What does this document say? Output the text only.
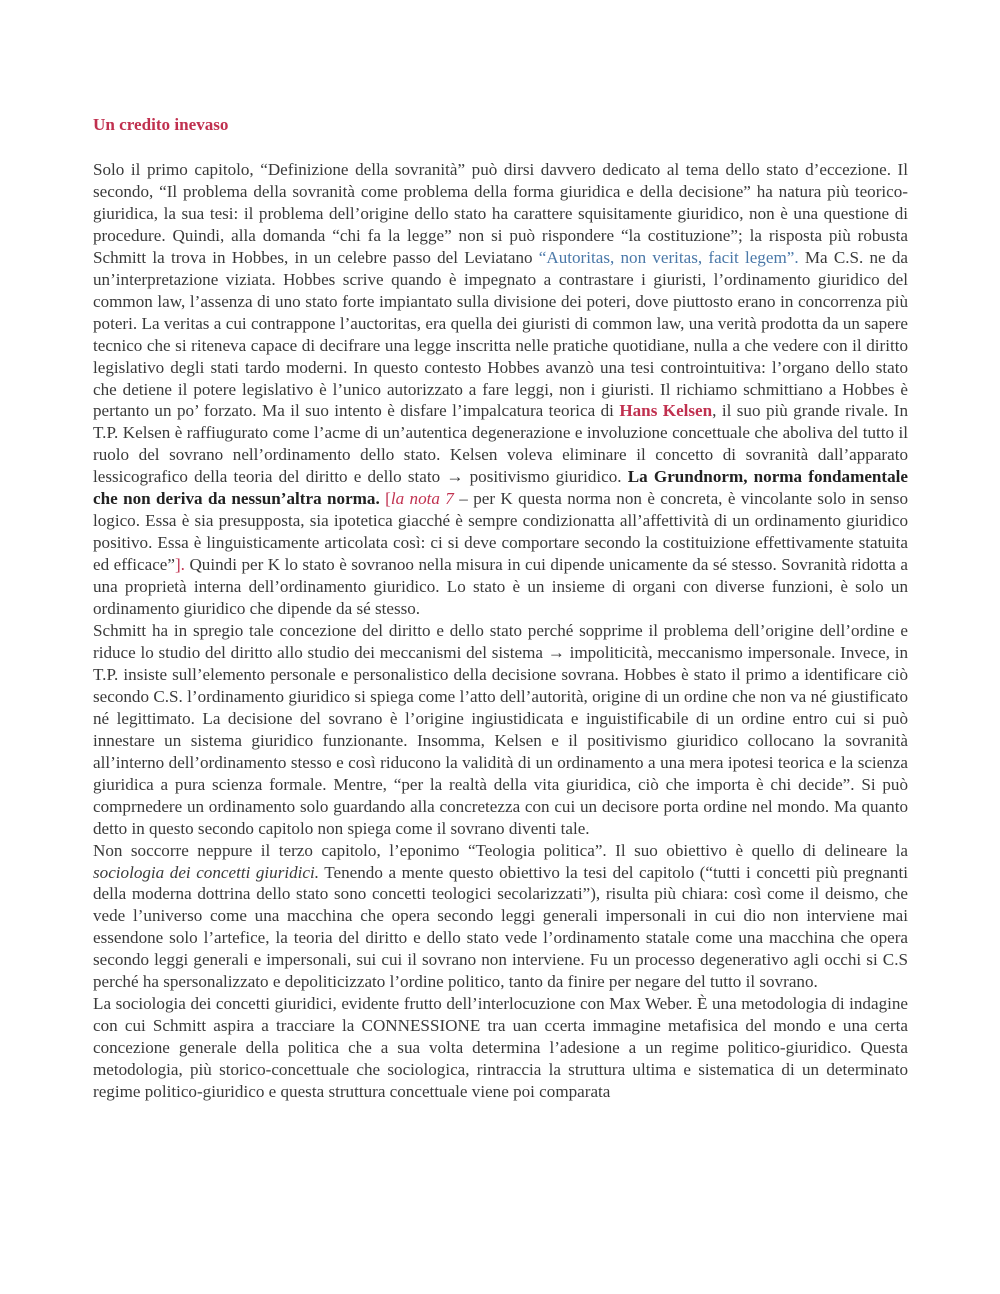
Un credito inevaso

Solo il primo capitolo, “Definizione della sovranità” può dirsi davvero dedicato al tema dello stato d’eccezione. Il secondo, “Il problema della sovranità come problema della forma giuridica e della decisione” ha natura più teorico-giuridica, la sua tesi: il problema dell’origine dello stato ha carattere squisitamente giuridico, non è una questione di procedure. Quindi, alla domanda “chi fa la legge” non si può rispondere “la costituzione”; la risposta più robusta Schmitt la trova in Hobbes, in un celebre passo del Leviatano “Autoritas, non veritas, facit legem”. Ma C.S. ne da un’interpretazione viziata. Hobbes scrive quando è impegnato a contrastare i giuristi, l’ordinamento giuridico del common law, l’assenza di uno stato forte impiantato sulla divisione dei poteri, dove piuttosto erano in concorrenza più poteri. La veritas a cui contrappone l’auctoritas, era quella dei giuristi di common law, una verità prodotta da un sapere tecnico che si riteneva capace di decifrare una legge inscritta nelle pratiche quotidiane, nulla a che vedere con il diritto legislativo degli stati tardo moderni. In questo contesto Hobbes avanzò una tesi controintuitiva: l’organo dello stato che detiene il potere legislativo è l’unico autorizzato a fare leggi, non i giuristi. Il richiamo schmittiano a Hobbes è pertanto un po’ forzato. Ma il suo intento è disfare l’impalcatura teorica di Hans Kelsen, il suo più grande rivale. In T.P. Kelsen è raffiugurato come l’acme di un’autentica degenerazione e involuzione concettuale che aboliva del tutto il ruolo del sovrano nell’ordinamento dello stato. Kelsen voleva eliminare il concetto di sovranità dall’apparato lessicografico della teoria del diritto e dello stato → positivismo giuridico. La Grundnorm, norma fondamentale che non deriva da nessun’altra norma. [la nota 7 – per K questa norma non è concreta, è vincolante solo in senso logico. Essa è sia presupposta, sia ipotetica giacché è sempre condizionatta all’affettività di un ordinamento giuridico positivo. Essa è linguisticamente articolata così: ci si deve comportare secondo la costituizione effettivamente statuita ed efficace”]. Quindi per K lo stato è sovranoo nella misura in cui dipende unicamente da sé stesso. Sovranità ridotta a una proprietà interna dell’ordinamento giuridico. Lo stato è un insieme di organi con diverse funzioni, è solo un ordinamento giuridico che dipende da sé stesso.

Schmitt ha in spregio tale concezione del diritto e dello stato perché sopprime il problema dell’origine dell’ordine e riduce lo studio del diritto allo studio dei meccanismi del sistema → impoliticità, meccanismo impersonale. Invece, in T.P. insiste sull’elemento personale e personalistico della decisione sovrana. Hobbes è stato il primo a identificare ciò secondo C.S. l’ordinamento giuridico si spiega come l’atto dell’autorità, origine di un ordine che non va né giustificato né legittimato. La decisione del sovrano è l’origine ingiustidicata e inguistificabile di un ordine entro cui si può innestare un sistema giuridico funzionante. Insomma, Kelsen e il positivismo giuridico collocano la sovranità all’interno dell’ordinamento stesso e così riducono la validità di un ordinamento a una mera ipotesi teorica e la scienza giuridica a pura scienza formale. Mentre, “per la realtà della vita giuridica, ciò che importa è chi decide”. Si può comprnedere un ordinamento solo guardando alla concretezza con cui un decisore porta ordine nel mondo. Ma quanto detto in questo secondo capitolo non spiega come il sovrano diventi tale.

Non soccorre neppure il terzo capitolo, l’eponimo “Teologia politica”. Il suo obiettivo è quello di delineare la sociologia dei concetti giuridici. Tenendo a mente questo obiettivo la tesi del capitolo (“tutti i concetti più pregnanti della moderna dottrina dello stato sono concetti teologici secolarizzati”), risulta più chiara: così come il deismo, che vede l’universo come una macchina che opera secondo leggi generali impersonali in cui dio non interviene mai essendone solo l’artefice, la teoria del diritto e dello stato vede l’ordinamento statale come una macchina che opera secondo leggi generali e impersonali, sui cui il sovrano non interviene. Fu un processo degenerativo agli occhi si C.S perché ha spersonalizzato e depoliticizzato l’ordine politico, tanto da finire per negare del tutto il sovrano.

La sociologia dei concetti giuridici, evidente frutto dell’interlocuzione con Max Weber. È una metodologia di indagine con cui Schmitt aspira a tracciare la CONNESSIONE tra uan ccerta immagine metafisica del mondo e una certa concezione generale della politica che a sua volta determina l’adesione a un regime politico-giuridico. Questa metodologia, più storico-concettuale che sociologica, rintraccia la struttura ultima e sistematica di un determinato regime politico-giuridico e questa struttura concettuale viene poi comparata
